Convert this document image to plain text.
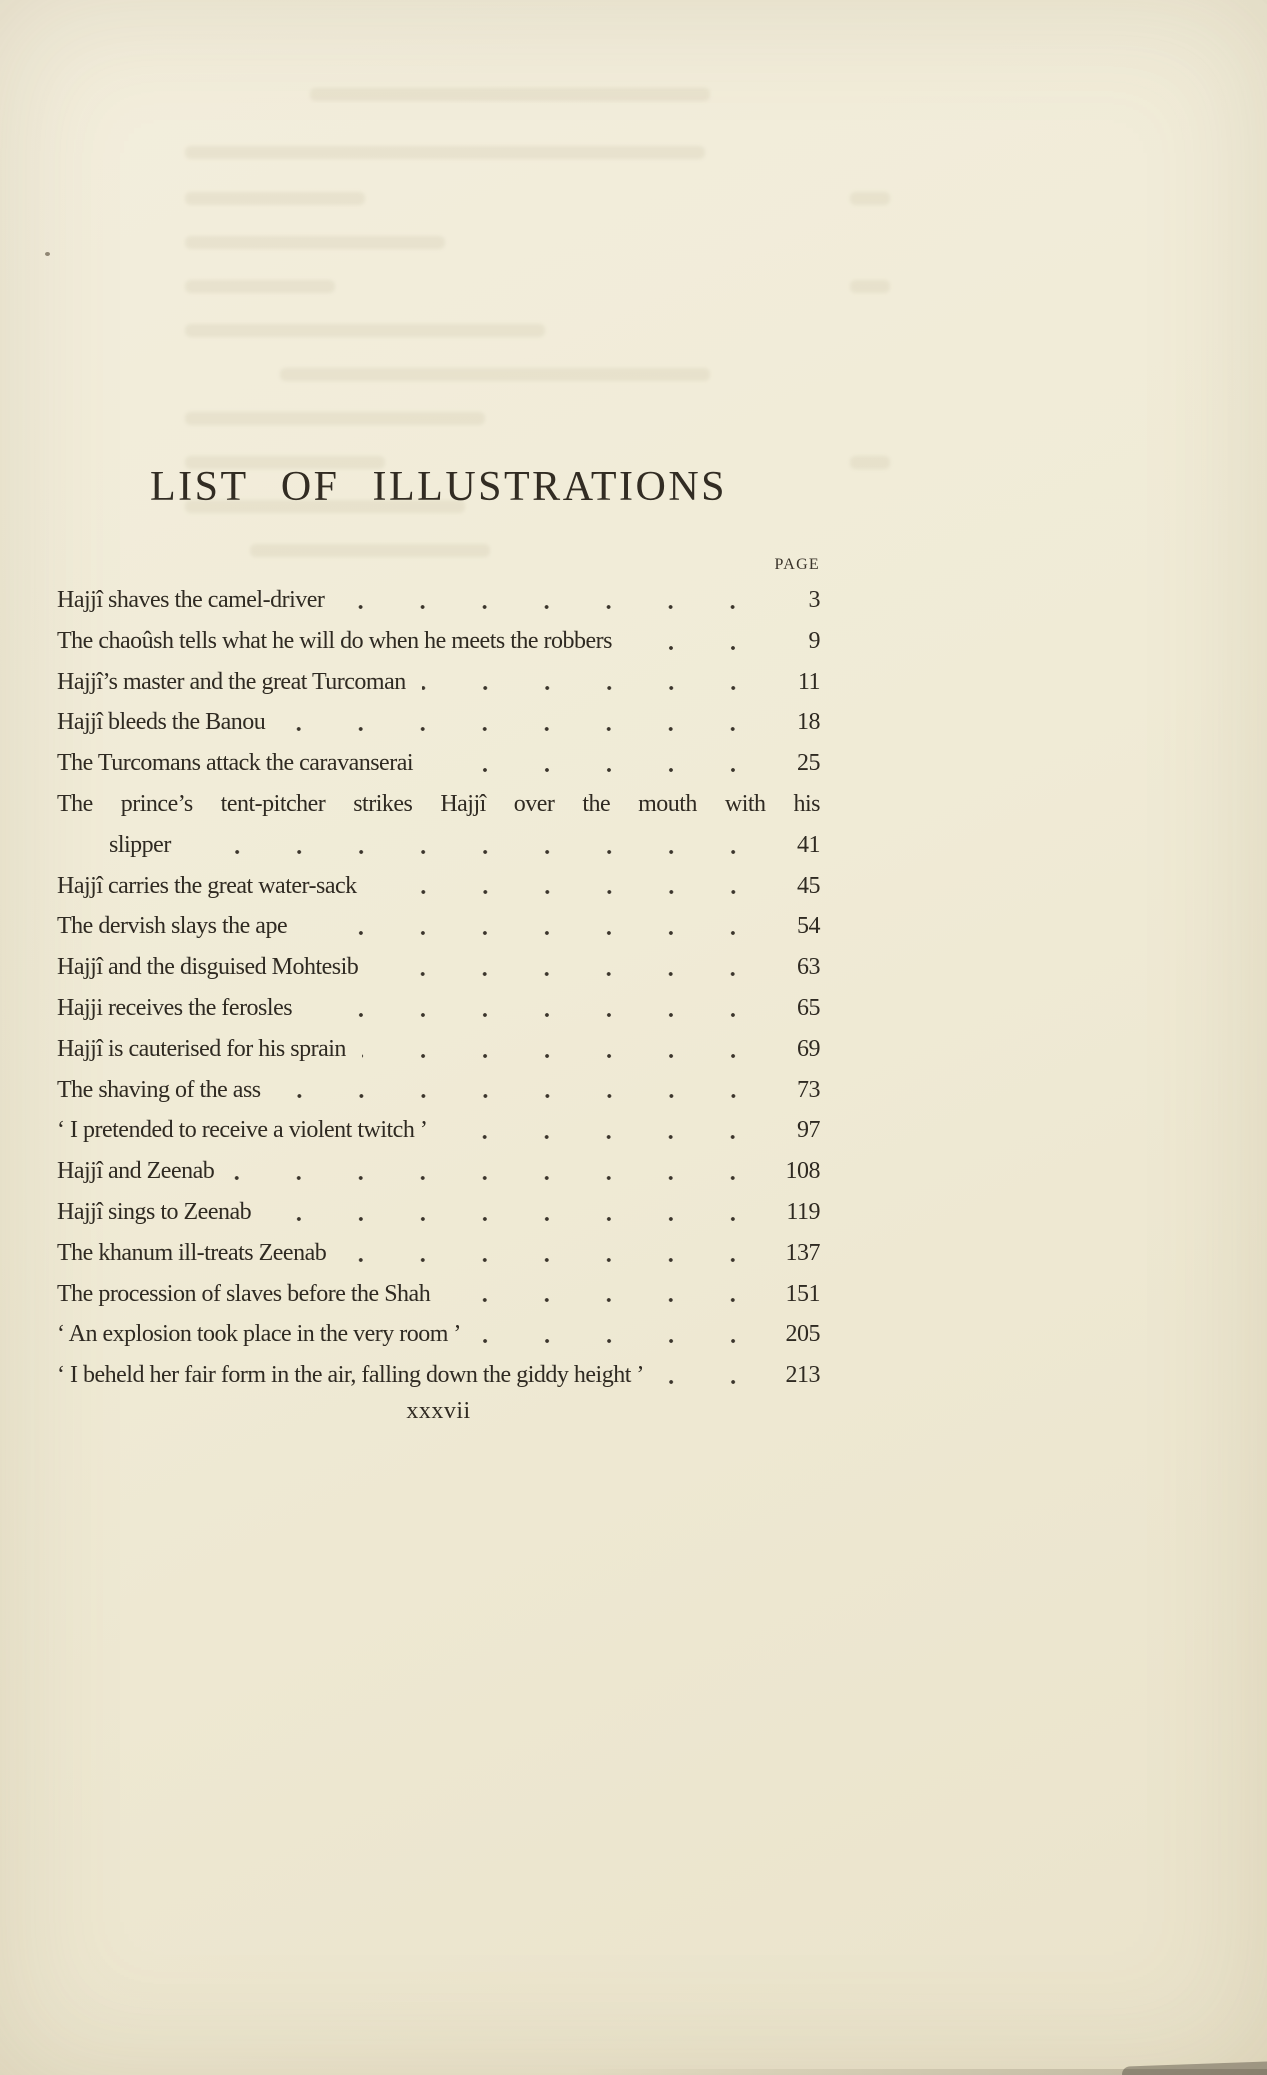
LIST OF ILLUSTRATIONS
PAGE
Hajjî shaves the camel-driver	3
The chaoûsh tells what he will do when he meets the robbers	9
Hajjî’s master and the great Turcoman	11
Hajjî bleeds the Banou	18
The Turcomans attack the caravanserai	25
The prince’s tent-pitcher strikes Hajjî over the mouth with his
slipper	41
Hajjî carries the great water-sack	45
The dervish slays the ape	54
Hajjî and the disguised Mohtesib	63
Hajji receives the ferosles	65
Hajjî is cauterised for his sprain	69
The shaving of the ass	73
‘ I pretended to receive a violent twitch ’	97
Hajjî and Zeenab	108
Hajjî sings to Zeenab	119
The khanum ill-treats Zeenab	137
The procession of slaves before the Shah	151
‘ An explosion took place in the very room ’	205
‘ I beheld her fair form in the air, falling down the giddy height ’	213
xxxvii
